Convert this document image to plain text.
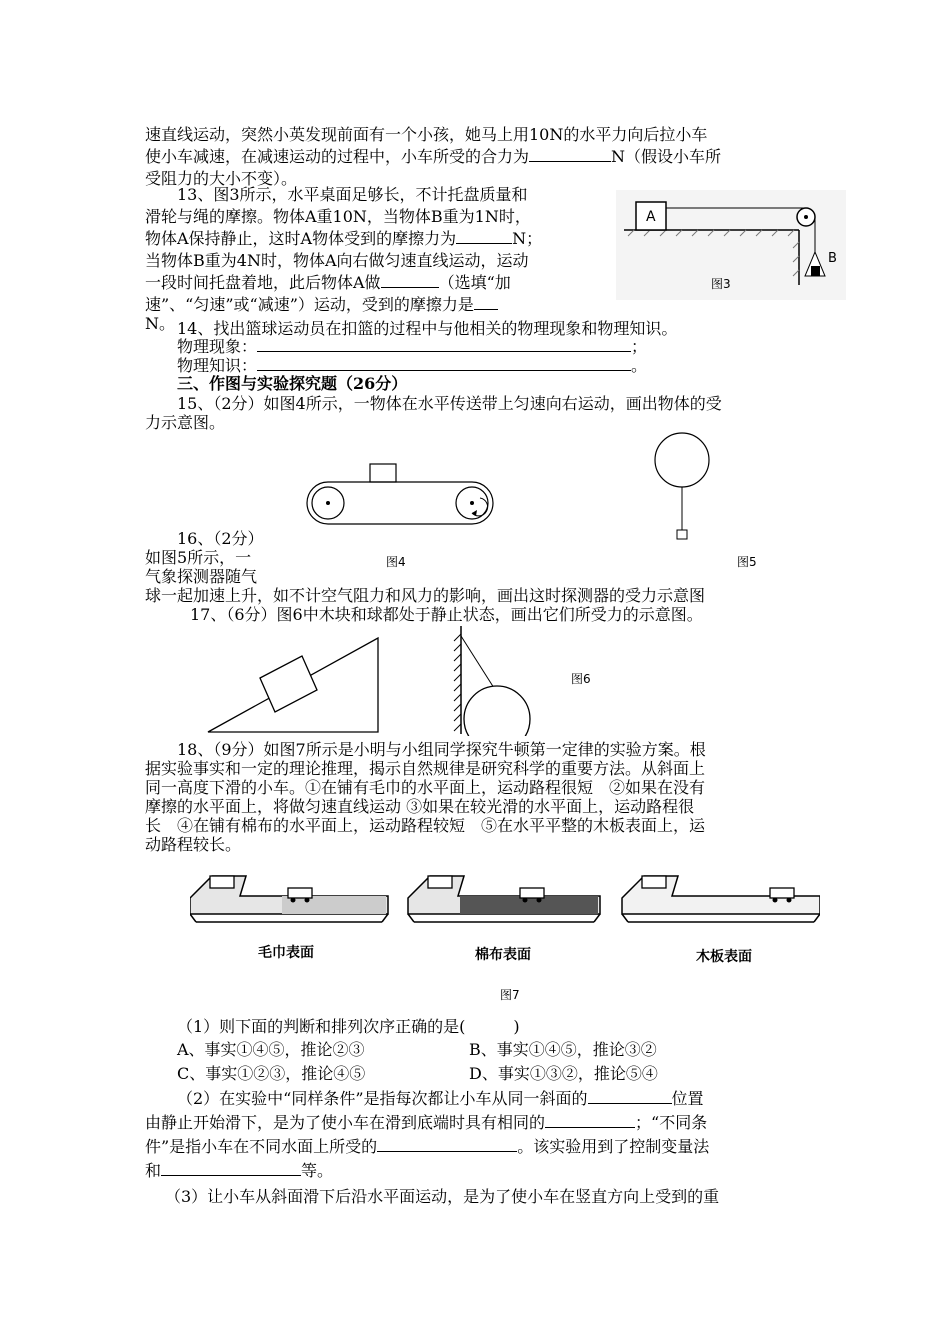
速直线运动，突然小英发现前面有一个小孩，她马上用10N的水平力向后拉小车
使小车减速，在减速运动的过程中，小车所受的合力为	N（假设小车所
受阻力的大小不变）。
13、图3所示，水平桌面足够长，不计托盘质量和
滑轮与绳的摩擦。物体A重10N，当物体B重为1N时，
物体A保持静止，这时A物体受到的摩擦力为	N；
当物体B重为4N时，物体A向右做匀速直线运动，运动
一段时间托盘着地，此后物体A做	（选填“加
速”、“匀速”或“减速”）运动，受到的摩擦力是
N。
A
B
图3
14、找出篮球运动员在扣篮的过程中与他相关的物理现象和物理知识。
物理现象：	；
物理知识：	。
三、作图与实验探究题（26分）
15、（2分）如图4所示，一物体在水平传送带上匀速向右运动，画出物体的受
力示意图。
图4	图5
16、（2分）
如图5所示，一
气象探测器随气
球一起加速上升，如不计空气阻力和风力的影响，画出这时探测器的受力示意图
17、（6分）图6中木块和球都处于静止状态，画出它们所受力的示意图。
图6
18、（9分）如图7所示是小明与小组同学探究牛顿第一定律的实验方案。根
据实验事实和一定的理论推理，揭示自然规律是研究科学的重要方法。从斜面上
同一高度下滑的小车。①在铺有毛巾的水平面上，运动路程很短　②如果在没有
摩擦的水平面上，将做匀速直线运动 ③如果在较光滑的水平面上，运动路程很
长　④在铺有棉布的水平面上，运动路程较短　⑤在水平平整的木板表面上，运
动路程较长。
毛巾表面	棉布表面	木板表面
图7
（1）则下面的判断和排列次序正确的是(　　　)
A、事实①④⑤，推论②③	B、事实①④⑤，推论③②
C、事实①②③，推论④⑤	D、事实①③②，推论⑤④
（2）在实验中“同样条件”是指每次都让小车从同一斜面的	位置
由静止开始滑下，是为了使小车在滑到底端时具有相同的	；“不同条
件”是指小车在不同水面上所受的	。该实验用到了控制变量法
和	等。
（3）让小车从斜面滑下后沿水平面运动，是为了使小车在竖直方向上受到的重
